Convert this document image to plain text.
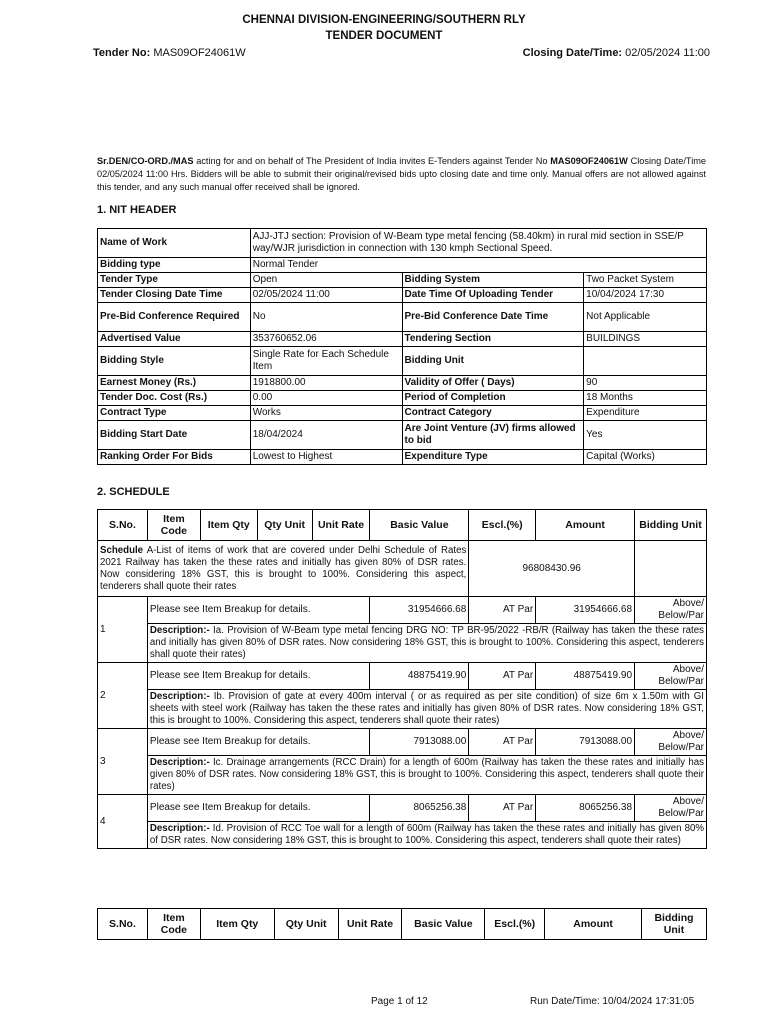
CHENNAI DIVISION-ENGINEERING/SOUTHERN RLY
TENDER DOCUMENT
Tender No: MAS09OF24061W	Closing Date/Time: 02/05/2024 11:00
Sr.DEN/CO-ORD./MAS acting for and on behalf of The President of India invites E-Tenders against Tender No MAS09OF24061W Closing Date/Time 02/05/2024 11:00 Hrs. Bidders will be able to submit their original/revised bids upto closing date and time only. Manual offers are not allowed against this tender, and any such manual offer received shall be ignored.
1. NIT HEADER
Name of Work	AJJ-JTJ section: Provision of W-Beam type metal fencing (58.40km) in rural mid section in SSE/P way/WJR jurisdiction in connection with 130 kmph Sectional Speed.		
Bidding type	Normal Tender		
Tender Type	Open	Bidding System	Two Packet System
Tender Closing Date Time	02/05/2024 11:00	Date Time Of Uploading Tender	10/04/2024 17:30
Pre-Bid Conference Required	No	Pre-Bid Conference Date Time	Not Applicable
Advertised Value	353760652.06	Tendering Section	BUILDINGS
Bidding Style	Single Rate for Each Schedule Item	Bidding Unit	
Earnest Money (Rs.)	1918800.00	Validity of Offer ( Days)	90
Tender Doc. Cost (Rs.)	0.00	Period of Completion	18 Months
Contract Type	Works	Contract Category	Expenditure
Bidding Start Date	18/04/2024	Are Joint Venture (JV) firms allowed to bid	Yes
Ranking Order For Bids	Lowest to Highest	Expenditure Type	Capital (Works)
2. SCHEDULE
S.No.	Item Code	Item Qty	Qty Unit	Unit Rate	Basic Value	Escl.(%)	Amount	Bidding Unit
Schedule A-List of items of work that are covered under Delhi Schedule of Rates 2021 Railway has taken the these rates and initially has given 80% of DSR rates. Now considering 18% GST, this is brought to 100%. Considering this aspect, tenderers shall quote their rates						96808430.96		
1	Please see Item Breakup for details.				31954666.68	AT Par	31954666.68	Above/ Below/Par
	Description:- Ia. Provision of W-Beam type metal fencing DRG NO: TP BR-95/2022 -RB/R (Railway has taken the these rates and initially has given 80% of DSR rates. Now considering 18% GST, this is brought to 100%. Considering this aspect, tenderers shall quote their rates)							
2	Please see Item Breakup for details.				48875419.90	AT Par	48875419.90	Above/ Below/Par
	Description:- Ib. Provision of gate at every 400m interval ( or as required as per site condition) of size 6m x 1.50m with GI sheets with steel work (Railway has taken the these rates and initially has given 80% of DSR rates. Now considering 18% GST, this is brought to 100%. Considering this aspect, tenderers shall quote their rates)							
3	Please see Item Breakup for details.				7913088.00	AT Par	7913088.00	Above/ Below/Par
	Description:- Ic. Drainage arrangements (RCC Drain) for a length of 600m (Railway has taken the these rates and initially has given 80% of DSR rates. Now considering 18% GST, this is brought to 100%. Considering this aspect, tenderers shall quote their rates)							
4	Please see Item Breakup for details.				8065256.38	AT Par	8065256.38	Above/ Below/Par
	Description:- Id. Provision of RCC Toe wall for a length of 600m (Railway has taken the these rates and initially has given 80% of DSR rates. Now considering 18% GST, this is brought to 100%. Considering this aspect, tenderers shall quote their rates)							
S.No.	Item Code	Item Qty	Qty Unit	Unit Rate	Basic Value	Escl.(%)	Amount	Bidding Unit
Page 1 of 12	Run Date/Time: 10/04/2024 17:31:05
